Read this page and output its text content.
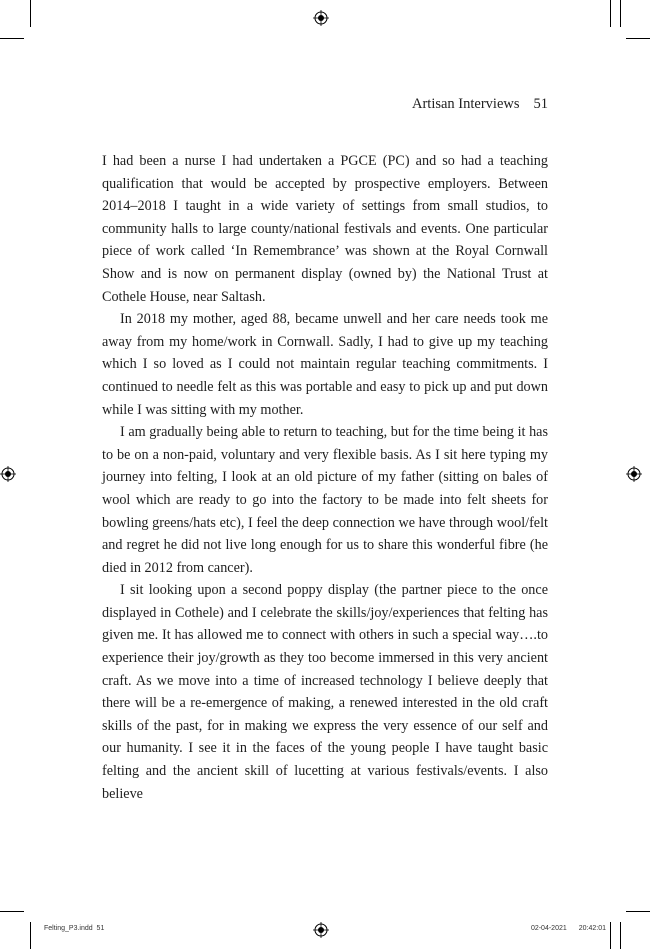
Artisan Interviews 51

I had been a nurse I had undertaken a PGCE (PC) and so had a teaching qualification that would be accepted by prospective employers. Between 2014–2018 I taught in a wide variety of settings from small studios, to community halls to large county/national festivals and events. One particular piece of work called ‘In Remembrance’ was shown at the Royal Cornwall Show and is now on permanent display (owned by) the National Trust at Cothele House, near Saltash.

In 2018 my mother, aged 88, became unwell and her care needs took me away from my home/work in Cornwall. Sadly, I had to give up my teaching which I so loved as I could not maintain regular teaching commitments. I continued to needle felt as this was portable and easy to pick up and put down while I was sitting with my mother.

I am gradually being able to return to teaching, but for the time being it has to be on a non-paid, voluntary and very flexible basis. As I sit here typing my journey into felting, I look at an old picture of my father (sitting on bales of wool which are ready to go into the factory to be made into felt sheets for bowling greens/hats etc), I feel the deep connection we have through wool/felt and regret he did not live long enough for us to share this wonderful fibre (he died in 2012 from cancer).

I sit looking upon a second poppy display (the partner piece to the once displayed in Cothele) and I celebrate the skills/joy/experiences that felting has given me. It has allowed me to connect with others in such a special way….to experience their joy/growth as they too become immersed in this very ancient craft. As we move into a time of increased technology I believe deeply that there will be a re-emergence of making, a renewed interested in the old craft skills of the past, for in making we express the very essence of our self and our humanity. I see it in the faces of the young people I have taught basic felting and the ancient skill of lucetting at various festivals/events. I also believe

Felting_P3.indd 51	02-04-2021 20:42:01
